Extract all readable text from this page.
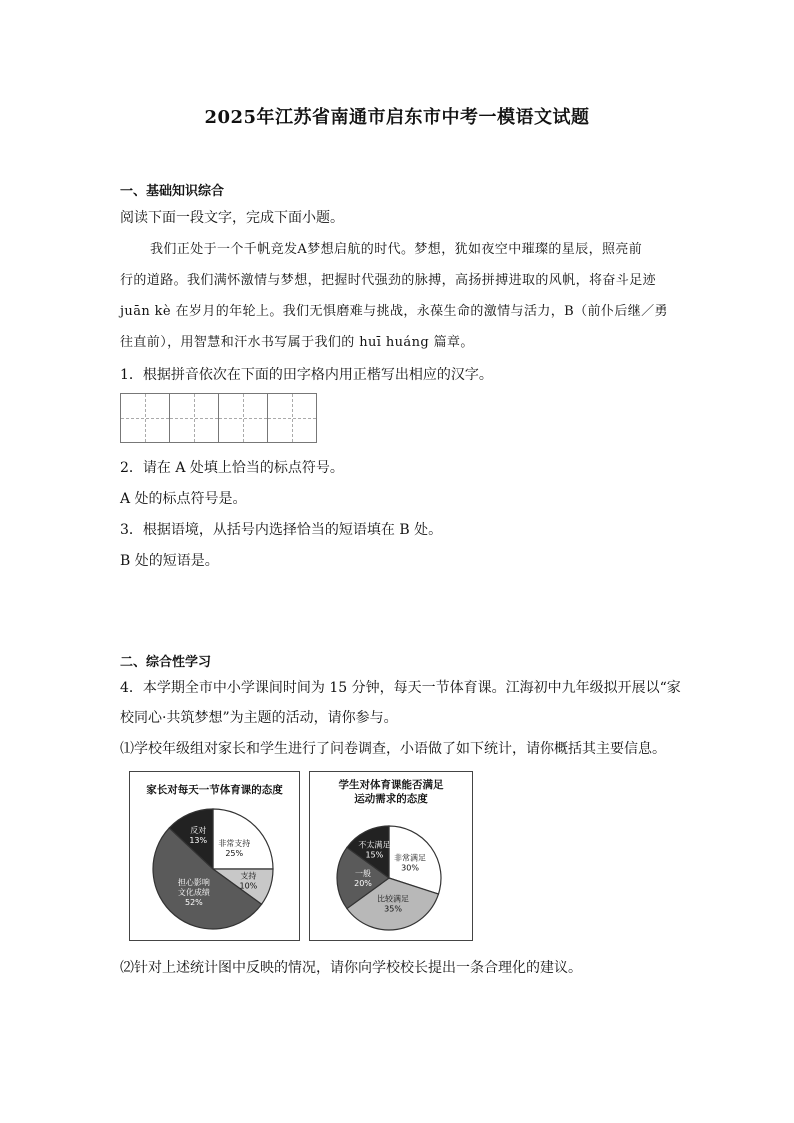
2025年江苏省南通市启东市中考一模语文试题
一、基础知识综合
阅读下面一段文字，完成下面小题。
我们正处于一个千帆竞发A梦想启航的时代。梦想，犹如夜空中璀璨的星辰，照亮前
行的道路。我们满怀激情与梦想，把握时代强劲的脉搏，高扬拼搏进取的风帆，将奋斗足迹
juān kè 在岁月的年轮上。我们无惧磨难与挑战，永葆生命的激情与活力，B（前仆后继／勇
往直前），用智慧和汗水书写属于我们的 huī huáng 篇章。
1．根据拼音依次在下面的田字格内用正楷写出相应的汉字。
2．请在 A 处填上恰当的标点符号。
A 处的标点符号是。
3．根据语境，从括号内选择恰当的短语填在 B 处。
B 处的短语是。
二、综合性学习
4．本学期全市中小学课间时间为 15 分钟，每天一节体育课。江海初中九年级拟开展以“家
校同心·共筑梦想”为主题的活动，请你参与。
⑴学校年级组对家长和学生进行了问卷调查，小语做了如下统计，请你概括其主要信息。
家长对每天一节体育课的态度
非常支持
25%
支持
10%
担心影响
文化成绩
52%
反对
13%
学生对体育课能否满足
运动需求的态度
非常满足
30%
比较满足
35%
一般
20%
不太满足
15%
⑵针对上述统计图中反映的情况，请你向学校校长提出一条合理化的建议。
